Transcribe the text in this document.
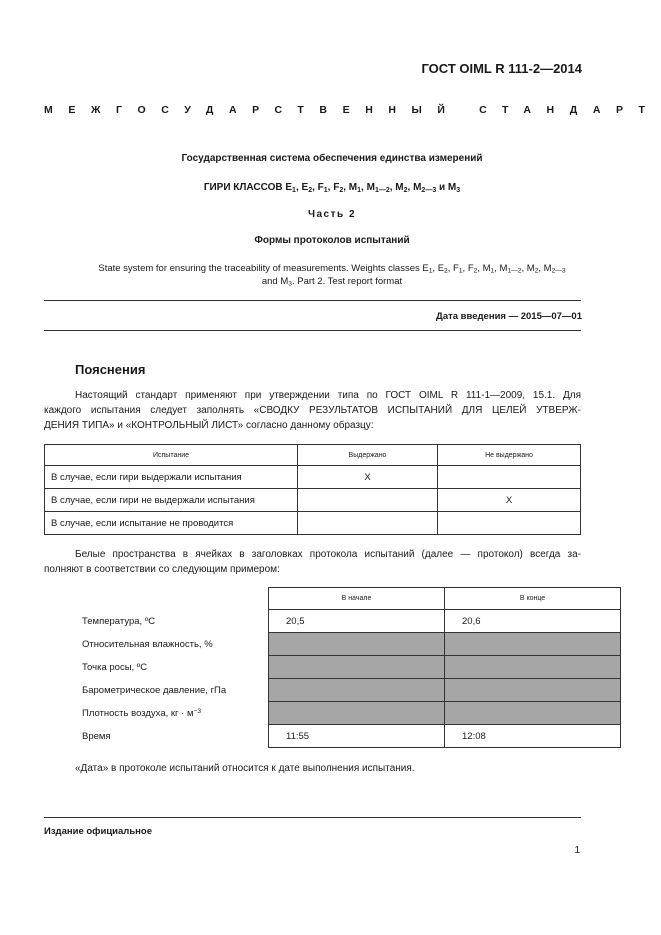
ГОСТ OIML R 111-2—2014
МЕЖГОСУДАРСТВЕННЫЙ СТАНДАРТ
Государственная система обеспечения единства измерений
ГИРИ КЛАССОВ $E_1$, $E_2$, $F_1$, $F_2$, $M_1$, $M_{1—2}$, $M_2$, $M_{2—3}$ и $M_3$
Часть 2
Формы протоколов испытаний
State system for ensuring the traceability of measurements. Weights classes $E_1$, $E_2$, $F_1$, $F_2$, $M_1$, $M_{1—2}$, $M_2$, $M_{2—3}$
and $M_3$. Part 2. Test report format
Дата введения — 2015—07—01
Пояснения
Настоящий стандарт применяют при утверждении типа по ГОСТ OIML R 111-1—2009, 15.1. Для
каждого испытания следует заполнять «СВОДКУ РЕЗУЛЬТАТОВ ИСПЫТАНИЙ ДЛЯ ЦЕЛЕЙ УТВЕРЖ-
ДЕНИЯ ТИПА» и «КОНТРОЛЬНЫЙ ЛИСТ» согласно данному образцу:
Испытание	Выдержано	Не выдержано
В случае, если гири выдержали испытания	X	
В случае, если гири не выдержали испытания		X
В случае, если испытание не проводится		
Белые пространства в ячейках в заголовках протокола испытаний (далее — протокол) всегда за-
полняют в соответствии со следующим примером:
	В начале	В конце
Температура, ºС	20,5	20,6
Относительная влажность, %		
Точка росы, ºС		
Барометрическое давление, гПа		
Плотность воздуха, кг · $м^{-3}$		
Время	11:55	12:08
«Дата» в протоколе испытаний относится к дате выполнения испытания.
Издание официальное
1
